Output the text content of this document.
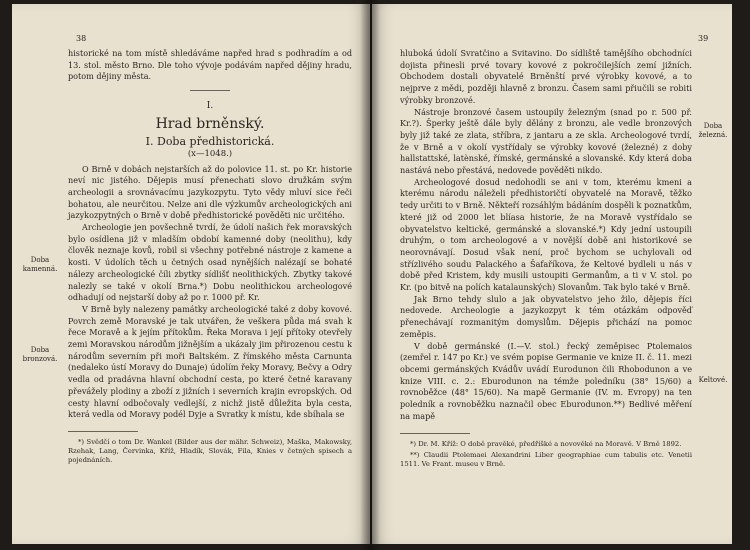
38
Doba kamenná.
Doba bronzová.

historické na tom místě shledáváme napřed hrad s podhradím a od 13. stol. město Brno. Dle toho vývoje podávám napřed dějiny hradu, potom dějiny města.

I.

Hrad brněnský.

I. Doba předhistorická.

(x—1048.)

O Brně v dobách nejstarších až do polovice 11. st. po Kr. historie neví nic jistého. Dějepis musí přenechati slovo družkám svým archeologii a srovnávacímu jazykozpytu. Tyto vědy mluví sice řeči bohatou, ale neurčitou. Nelze ani dle výzkumův archeologických ani jazykozpytných o Brně v době předhistorické pověděti nic určitého.

Archeologie jen povšechně tvrdí, že údolí našich řek moravských bylo osídlena již v mladším období kamenné doby (neolithu), kdy člověk neznaje kovů, robil si všechny potřebné nástroje z kamene a kosti. V údolích těch u četných osad nynějších nalézají se bohaté nálezy archeologické číli zbytky sídlišť neolithických. Zbytky takové nalezly se také v okolí Brna.*) Dobu neolithickou archeologové odhadují od nejstarší doby až po r. 1000 př. Kr.

V Brně byly nalezeny památky archeologické také z doby kovové. Povrch země Moravské je tak utvářen, že veškera půda má svah k řece Moravě a k jejím přítokům. Řeka Morava i její přítoky otevřely zemi Moravskou národům jižnějším a ukázaly jim přirozenou cestu k národům severním při moři Baltském. Z římského města Carnunta (nedaleko ústí Moravy do Dunaje) údolím řeky Moravy, Bečvy a Odry vedla od pradávna hlavní obchodní cesta, po které četné karavany převážely plodiny a zboží z jižních i severních krajin evropských. Od cesty hlavní odbočovaly vedlejší, z nichž jistě důležita byla cesta, která vedla od Moravy podél Dyje a Svratky k místu, kde sbíhala se

*) Svědčí o tom Dr. Wankel (Bilder aus der mähr. Schweiz), Maška, Makowsky, Rzehak, Lang, Červinka, Kříž, Hladík, Slovák, Fila, Knies v četných spisech a pojednáních.

39
Doba železná.
Keltové.

hluboká údolí Svratčino a Svitavino. Do sídliště tamějšího obchodníci dojista přinesli prvé tovary kovové z pokročilejších zemí jižních. Obchodem dostali obyvatelé Brněnští prvé výrobky kovové, a to nejprve z mědi, později hlavně z bronzu. Časem sami přiučili se robiti výrobky bronzové.

Nástroje bronzové časem ustoupily železným (snad po r. 500 př. Kr.?). Šperky ještě dále byly dělány z bronzu, ale vedle bronzových byly již také ze zlata, stříbra, z jantaru a ze skla. Archeologové tvrdí, že v Brně a v okolí vystřídaly se výrobky kovové (železné) z doby hallstattské, latènské, římské, germánské a slovanské. Kdy která doba nastává nebo přestává, nedovede pověděti nikdo.

Archeologové dosud nedohodli se ani v tom, kterému kmeni a kterému národu náleželi předhistoričtí obyvatelé na Moravě, těžko tedy určiti to v Brně. Někteří rozsáhlým bádáním dospěli k poznatkům, které již od 2000 let blíasa historie, že na Moravě vystřídalo se obyvatelstvo keltické, germánské a slovanské.*) Kdy jední ustoupili druhým, o tom archeologové a v novější době ani historikové se neorovnávají. Dosud však není, proč bychom se uchylovali od střízlivého soudu Palackého a Šafaříkova, že Keltové bydleli u nás v době před Kristem, kdy musili ustoupiti Germanům, a ti v V. stol. po Kr. (po bitvě na polích katalaunských) Slovanům. Tak bylo také v Brně.

Jak Brno tehdy slulo a jak obyvatelstvo jeho žilo, dějepis říci nedovede. Archeologie a jazykozpyt k tém otázkám odpověď přenechávají rozmanitým domyslům. Dějepis přichází na pomoc zeměpis.

V době germánské (I.—V. stol.) řecký zeměpisec Ptolemaios (zemřel r. 147 po Kr.) ve svém popise Germanie ve knize II. č. 11. mezi obcemi germánských Kvádův uvádí Eurodunon čili Rhobodunon a ve knize VIII. c. 2.: Eburodunon na témže poledníku (38° 15/60) a rovnoběžce (48° 15/60). Na mapě Germanie (IV. m. Evropy) na ten poledník a rovnoběžku naznačil obec Eburodunon.**) Bedlivé měření na mapě

*) Dr. M. Kříž: O době pravěké, předříšké a novověké na Moravě. V Brně 1892.

**) Claudii Ptolemaei Alexandrini Liber geographiae cum tabulis etc. Venetii 1511. Ve Frant. museu v Brně.
